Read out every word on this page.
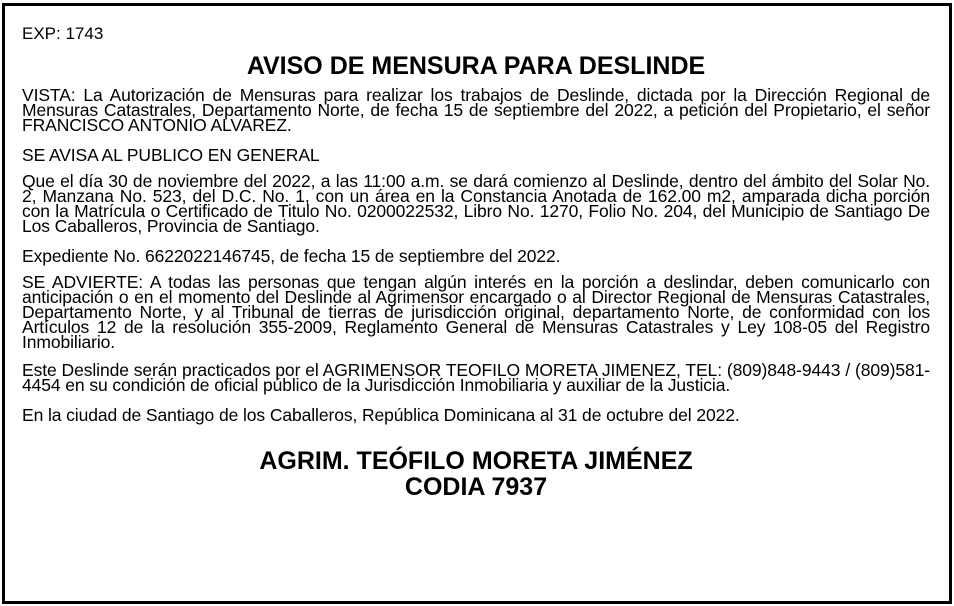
EXP: 1743
AVISO DE MENSURA PARA DESLINDE
VISTA: La Autorización de Mensuras para realizar los trabajos de Deslinde, dictada por la Dirección Regional de Mensuras Catastrales, Departamento Norte, de fecha 15 de septiembre del 2022, a petición del Propietario, el señor FRANCISCO ANTONIO ALVAREZ.
SE AVISA AL PUBLICO EN GENERAL
Que el día 30 de noviembre del 2022, a las 11:00 a.m. se dará comienzo al Deslinde, dentro del ámbito del Solar No. 2, Manzana No. 523, del D.C. No. 1, con un área en la Constancia Anotada de 162.00 m2, amparada dicha porción con la Matrícula o Certificado de Titulo No. 0200022532, Libro No. 1270, Folio No. 204, del Municipio de Santiago De Los Caballeros, Provincia de Santiago.
Expediente No. 6622022146745, de fecha 15 de septiembre del 2022.
SE ADVIERTE: A todas las personas que tengan algún interés en la porción a deslindar, deben comunicarlo con anticipación o en el momento del Deslinde al Agrimensor encargado o al Director Regional de Mensuras Catastrales, Departamento Norte, y al Tribunal de tierras de jurisdicción original, departamento Norte, de conformidad con los Artículos 12 de la resolución 355-2009, Reglamento General de Mensuras Catastrales y Ley 108-05 del Registro Inmobiliario.
Este Deslinde serán practicados por el AGRIMENSOR TEOFILO MORETA JIMENEZ, TEL: (809)848-9443 / (809)581-4454 en su condición de oficial público de la Jurisdicción Inmobiliaria y auxiliar de la Justicia.
En la ciudad de Santiago de los Caballeros, República Dominicana al 31 de octubre del 2022.
AGRIM. TEÓFILO MORETA JIMÉNEZ
CODIA 7937
